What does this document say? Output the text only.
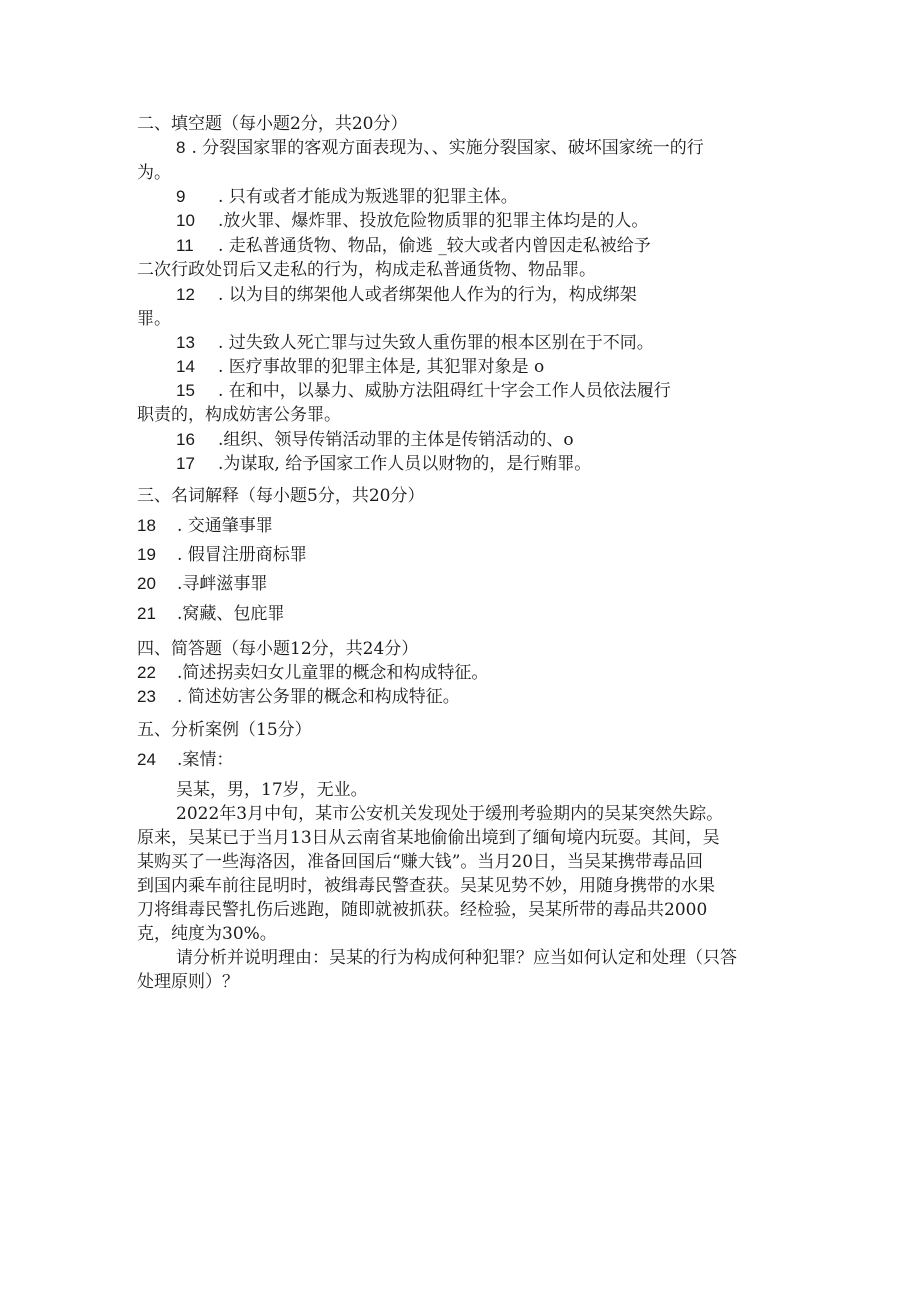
二、填空题（每小题2分，共20分）
8 . 分裂国家罪的客观方面表现为、、实施分裂国家、破坏国家统一的行
为。
9 . 只有或者才能成为叛逃罪的犯罪主体。
10 .放火罪、爆炸罪、投放危险物质罪的犯罪主体均是的人。
11 . 走私普通货物、物品，偷逃 _较大或者内曾因走私被给予
二次行政处罚后又走私的行为，构成走私普通货物、物品罪。
12 . 以为目的绑架他人或者绑架他人作为的行为，构成绑架
罪。
13 . 过失致人死亡罪与过失致人重伤罪的根本区别在于不同。
14 . 医疗事故罪的犯罪主体是, 其犯罪对象是 o
15 . 在和中，以暴力、威胁方法阻碍红十字会工作人员依法履行
职责的，构成妨害公务罪。
16 .组织、领导传销活动罪的主体是传销活动的、o
17 .为谋取, 给予国家工作人员以财物的，是行贿罪。
三、名词解释（每小题5分，共20分）
18 . 交通肇事罪
19 . 假冒注册商标罪
20 .寻衅滋事罪
21 .窝藏、包庇罪
四、简答题（每小题12分，共24分）
22 .简述拐卖妇女儿童罪的概念和构成特征。
23 . 简述妨害公务罪的概念和构成特征。
五、分析案例（15分）
24 .案情：
吴某，男，17岁，无业。
2022年3月中旬，某市公安机关发现处于缓刑考验期内的吴某突然失踪。
原来，吴某已于当月13日从云南省某地偷偷出境到了缅甸境内玩耍。其间，吴
某购买了一些海洛因，准备回国后“赚大钱”。当月20日，当吴某携带毒品回
到国内乘车前往昆明时，被缉毒民警查获。吴某见势不妙，用随身携带的水果
刀将缉毒民警扎伤后逃跑，随即就被抓获。经检验，吴某所带的毒品共2000
克，纯度为30%。
请分析并说明理由：吴某的行为构成何种犯罪？应当如何认定和处理（只答
处理原则）？
